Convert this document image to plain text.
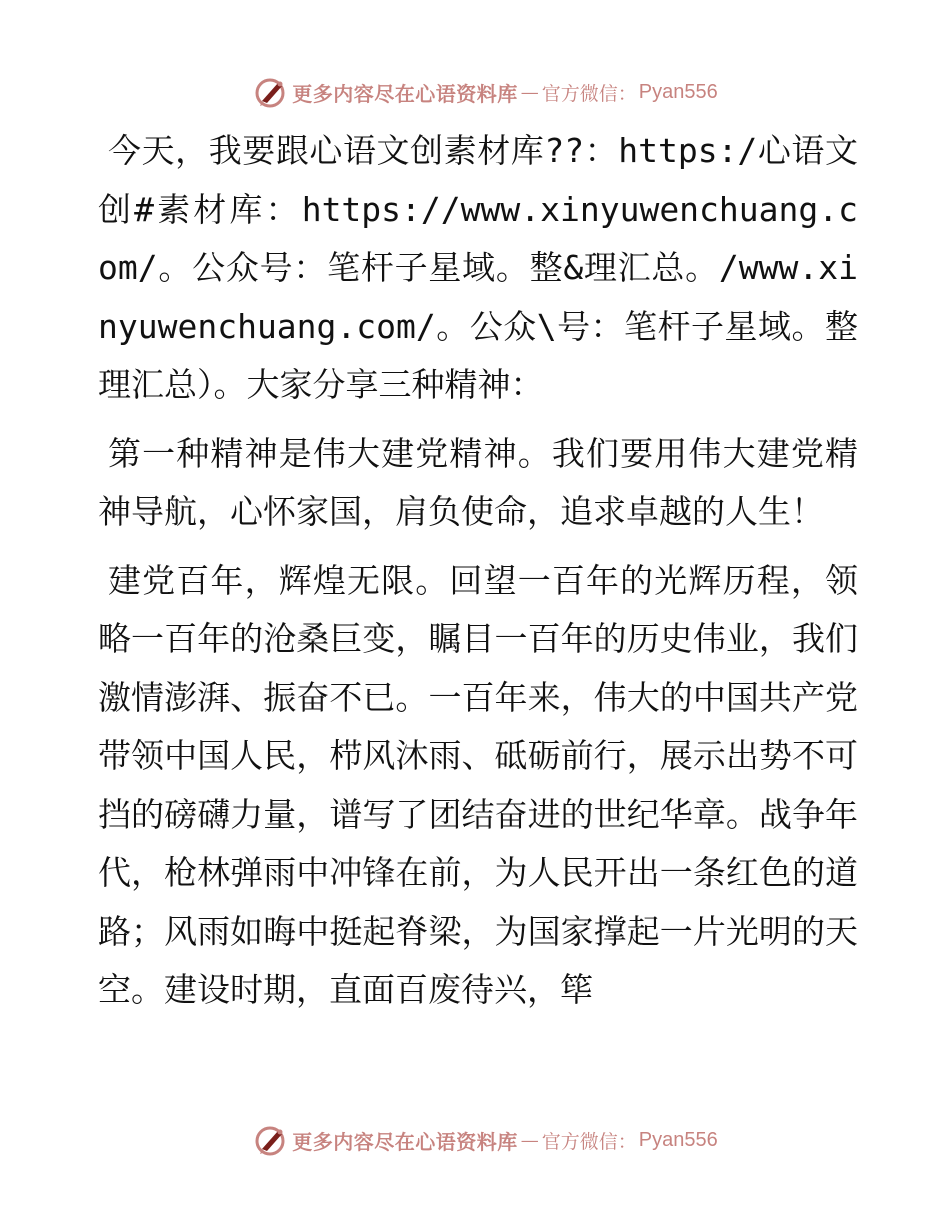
更多内容尽在心语资料库 — 官方微信： Pyan556

今天，我要跟心语文创素材库??：https:/心语文创#素材库：https://www.xinyuwenchuang.com/。公众号：笔杆子星域。整&理汇总。/www.xinyuwenchuang.com/。公众\号：笔杆子星域。整理汇总）。大家分享三种精神：

第一种精神是伟大建党精神。我们要用伟大建党精神导航，心怀家国，肩负使命，追求卓越的人生！

建党百年，辉煌无限。回望一百年的光辉历程，领略一百年的沧桑巨变，瞩目一百年的历史伟业，我们激情澎湃、振奋不已。一百年来，伟大的中国共产党带领中国人民，栉风沐雨、砥砺前行，展示出势不可挡的磅礴力量，谱写了团结奋进的世纪华章。战争年代，枪林弹雨中冲锋在前，为人民开出一条红色的道路；风雨如晦中挺起脊梁，为国家撑起一片光明的天空。建设时期，直面百废待兴，筚

更多内容尽在心语资料库 — 官方微信： Pyan556
